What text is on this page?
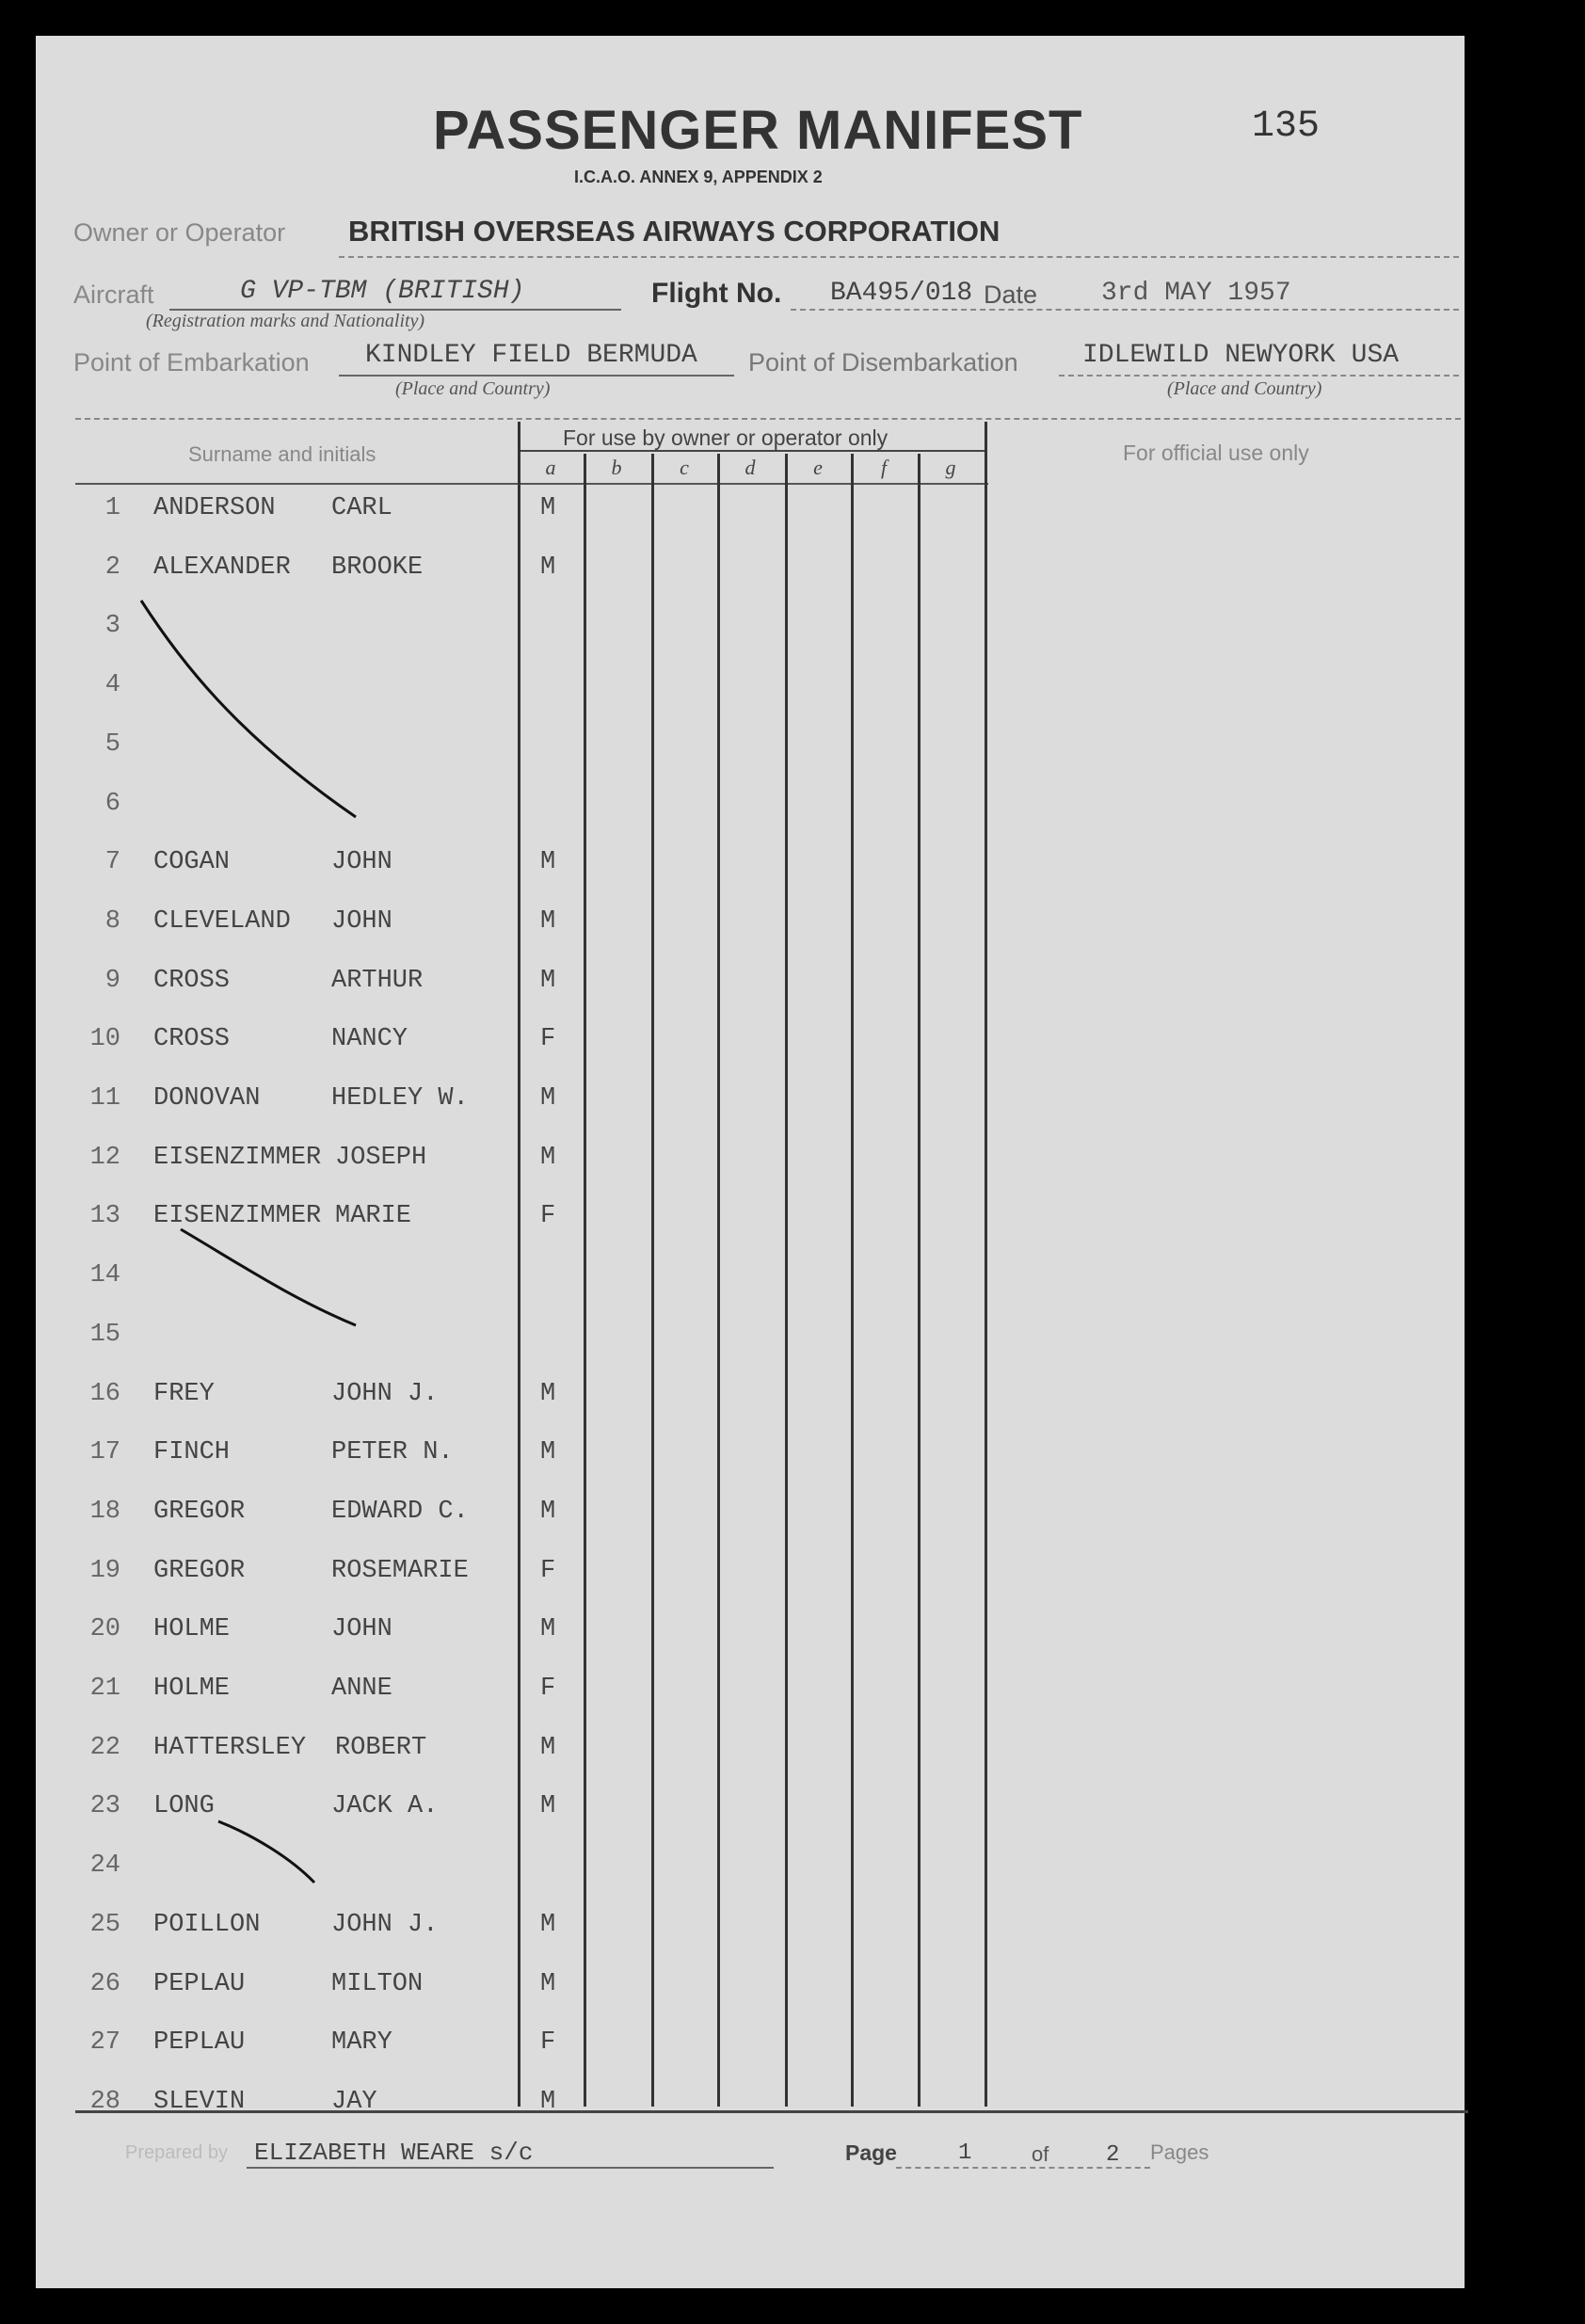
PASSENGER MANIFEST	135
I.C.A.O. ANNEX 9, APPENDIX 2
Owner or Operator BRITISH OVERSEAS AIRWAYS CORPORATION
Aircraft	G VP-TBM (BRITISH)
(Registration marks and Nationality)
Flight No. BA495/018 Date 3rd MAY 1957
Point of Embarkation KINDLEY FIELD BERMUDA
(Place and Country)
Point of Disembarkation IDLEWILD NEWYORK USA
(Place and Country)
Surname and initials
For use by owner or operator only
For official use only
a	b	c	d	e	f	g
1 ANDERSON CARL	M
2 ALEXANDER BROOKE	M
3
4
5
6
7 COGAN	JOHN	M
8 CLEVELAND JOHN	M
9 CROSS	ARTHUR	M
10 CROSS	NANCY	F
11 DONOVAN	HEDLEY W.	M
12 EISENZIMMER JOSEPH	M
13 EISENZIMMER MARIE	F
14
15
16 FREY	JOHN J.	M
17 FINCH	PETER N.	M
18 GREGOR	EDWARD C.	M
19 GREGOR	ROSEMARIE	F
20 HOLME	JOHN	M
21 HOLME	ANNE	F
22 HATTERSLEY ROBERT	M
23 LONG	JACK A.	M
24
25 POILLON	JOHN J.	M
26 PEPLAU	MILTON	M
27 PEPLAU	MARY	F
28 SLEVIN	JAY	M
Prepared by ELIZABETH WEARE s/c	Page	1	of	2 Pages
